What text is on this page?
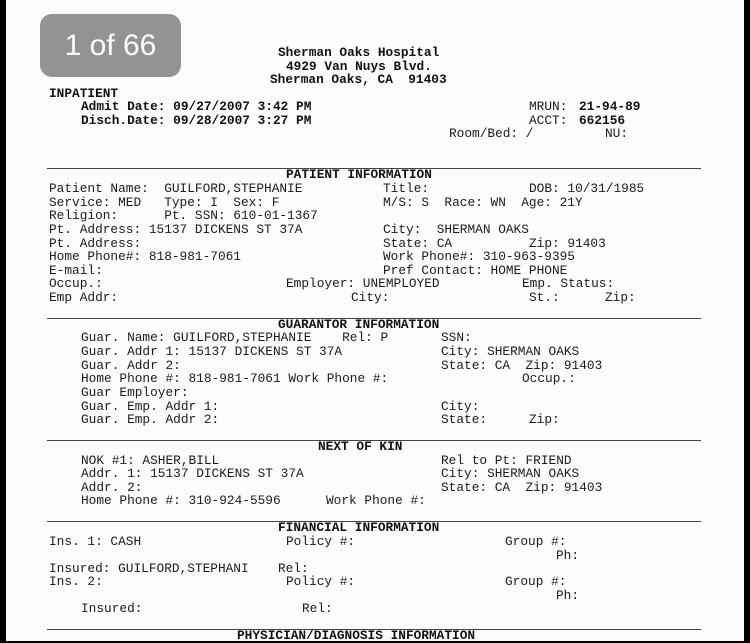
1 of 66	Sherman Oaks Hospital
4929 Van Nuys Blvd.
Sherman Oaks, CA  91403
INPATIENT
Admit Date: 09/27/2007 3:42 PM
Disch.Date: 09/28/2007 3:27 PM
MRUN: 21-94-89
ACCT: 662156
Room/Bed: /	NU:
PATIENT INFORMATION
Patient Name:  GUILFORD,STEPHANIE	Title:	DOB: 10/31/1985
Service: MED   Type: I  Sex: F	M/S: S  Race: WN  Age: 21Y
Religion:      Pt. SSN: 610-01-1367
Pt. Address: 15137 DICKENS ST 37A	City:  SHERMAN OAKS
Pt. Address:	State: CA	Zip: 91403
Home Phone#: 818-981-7061	Work Phone#: 310-963-9395
E-mail:	Pref Contact: HOME PHONE
Occup.:	Employer: UNEMPLOYED	Emp. Status:
Emp Addr:	City:	St.:	Zip:
GUARANTOR INFORMATION
Guar. Name: GUILFORD,STEPHANIE    Rel: P	SSN:
Guar. Addr 1: 15137 DICKENS ST 37A	City: SHERMAN OAKS
Guar. Addr 2:	State: CA  Zip: 91403
Home Phone #: 818-981-7061 Work Phone #:	Occup.:
Guar Employer:
Guar. Emp. Addr 1:	City:
Guar. Emp. Addr 2:	State:	Zip:
NEXT OF KIN
NOK #1: ASHER,BILL	Rel to Pt: FRIEND
Addr. 1: 15137 DICKENS ST 37A	City: SHERMAN OAKS
Addr. 2:	State: CA  Zip: 91403
Home Phone #: 310-924-5596	Work Phone #:
FINANCIAL INFORMATION
Ins. 1: CASH	Policy #:	Group #:
Ph:
Insured: GUILFORD,STEPHANI Rel:
Ins. 2:	Policy #:	Group #:
Ph:
Insured:	Rel:
PHYSICIAN/DIAGNOSIS INFORMATION
